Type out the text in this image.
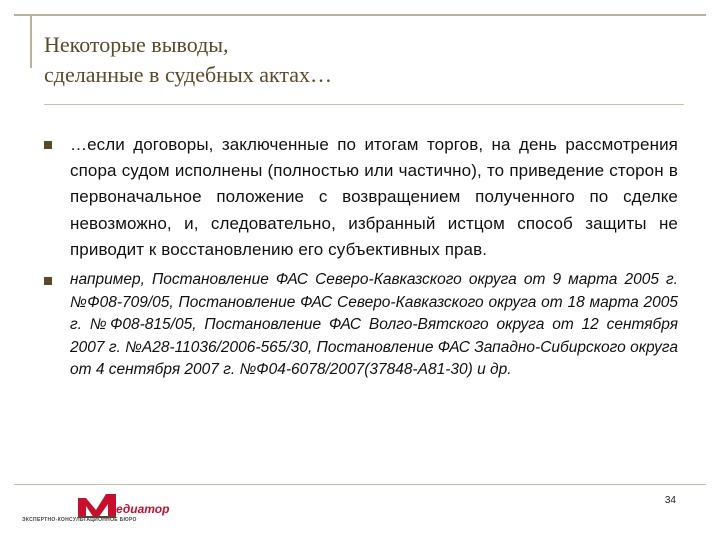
Некоторые выводы,
сделанные в судебных актах…
…если договоры, заключенные по итогам торгов, на день рассмотрения спора судом исполнены (полностью или частично), то приведение сторон в первоначальное положение с возвращением полученного по сделке невозможно, и, следовательно, избранный истцом способ защиты не приводит к восстановлению его субъективных прав.
например, Постановление ФАС Северо-Кавказского округа от 9 марта 2005 г. №Ф08-709/05, Постановление ФАС Северо-Кавказского округа от 18 марта 2005 г. №Ф08-815/05, Постановление ФАС Волго-Вятского округа от 12 сентября 2007 г. №А28-11036/2006-565/30, Постановление ФАС Западно-Сибирского округа от 4 сентября 2007 г. №Ф04-6078/2007(37848-А81-30) и др.
едиатор
ЭКСПЕРТНО-КОНСУЛЬТАЦИОННОЕ БЮРО
34
